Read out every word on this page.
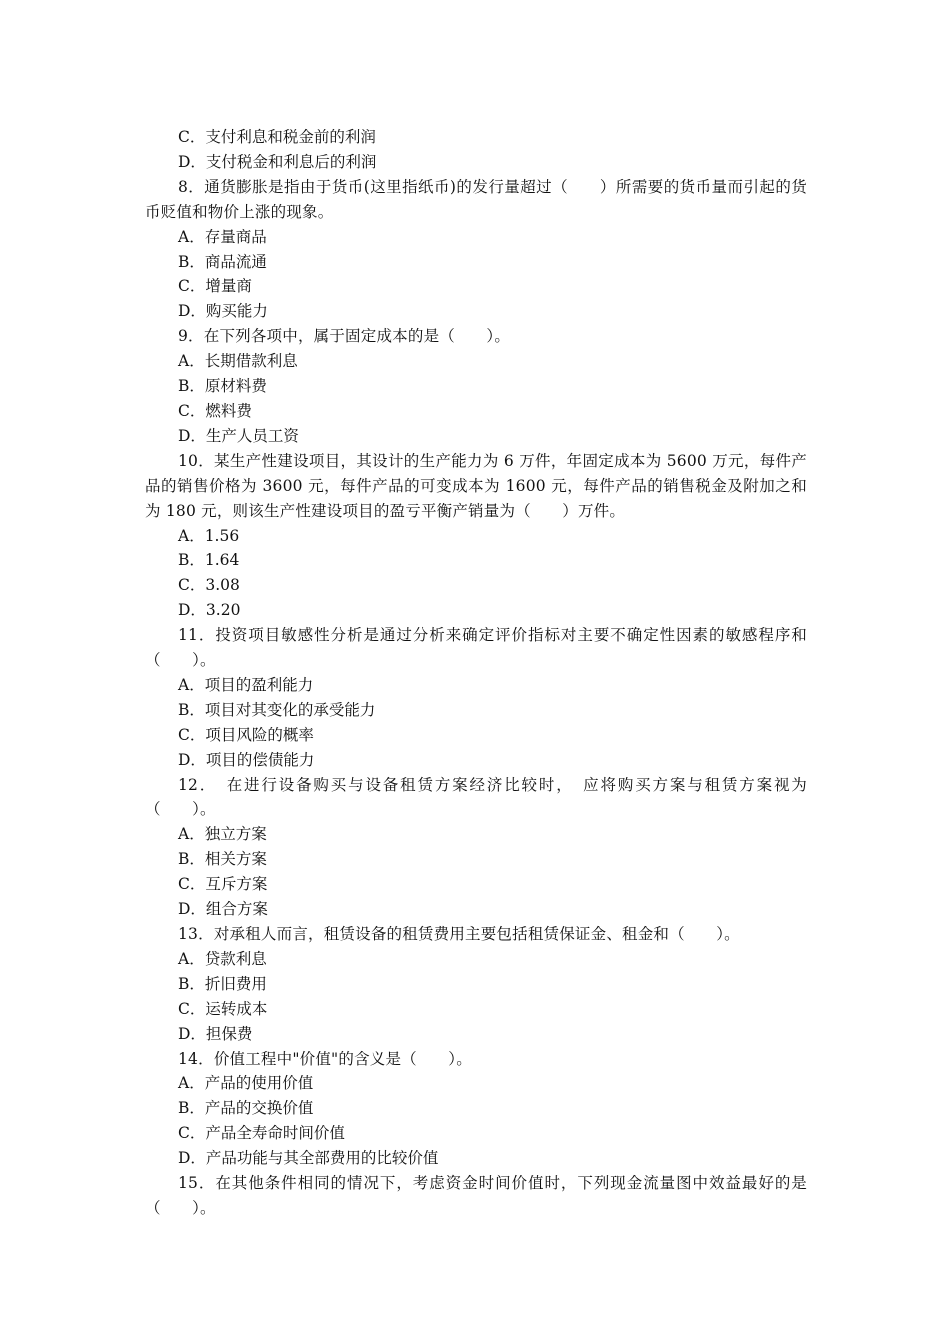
C．支付利息和税金前的利润

D．支付税金和利息后的利润

8．通货膨胀是指由于货币(这里指纸币)的发行量超过（　　）所需要的货币量而引起的货币贬值和物价上涨的现象。

A．存量商品

B．商品流通

C．增量商

D．购买能力

9．在下列各项中，属于固定成本的是（　　）。

A．长期借款利息

B．原材料费

C．燃料费

D．生产人员工资

10．某生产性建设项目，其设计的生产能力为 6 万件，年固定成本为 5600 万元，每件产品的销售价格为 3600 元，每件产品的可变成本为 1600 元，每件产品的销售税金及附加之和为 180 元，则该生产性建设项目的盈亏平衡产销量为（　　）万件。

A．1.56

B．1.64

C．3.08

D．3.20

11．投资项目敏感性分析是通过分析来确定评价指标对主要不确定性因素的敏感程序和（　　）。

A．项目的盈利能力

B．项目对其变化的承受能力

C．项目风险的概率

D．项目的偿债能力

12．　在进行设备购买与设备租赁方案经济比较时，　应将购买方案与租赁方案视为（　　）。

A．独立方案

B．相关方案

C．互斥方案

D．组合方案

13．对承租人而言，租赁设备的租赁费用主要包括租赁保证金、租金和（　　）。

A．贷款利息

B．折旧费用

C．运转成本

D．担保费

14．价值工程中"价值"的含义是（　　）。

A．产品的使用价值

B．产品的交换价值

C．产品全寿命时间价值

D．产品功能与其全部费用的比较价值

15．在其他条件相同的情况下，考虑资金时间价值时，下列现金流量图中效益最好的是（　　）。
